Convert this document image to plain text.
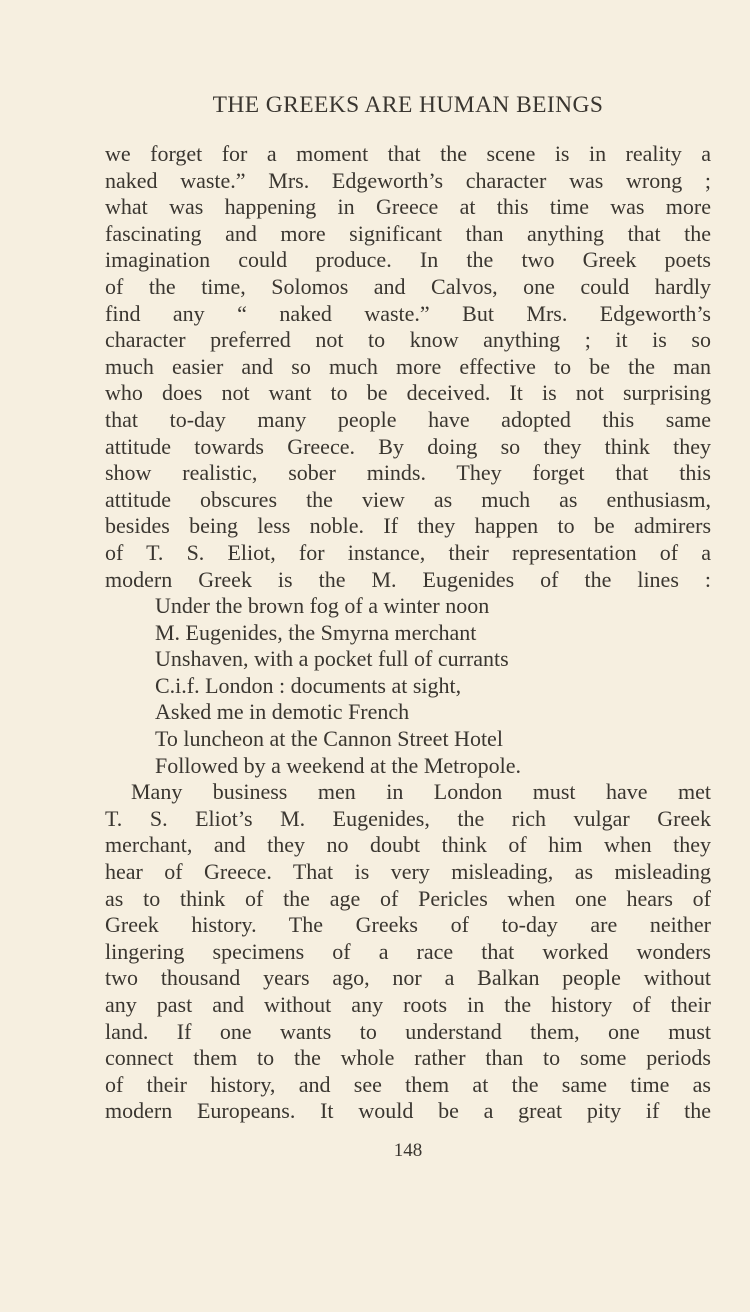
THE GREEKS ARE HUMAN BEINGS
we forget for a moment that the scene is in reality a
naked waste.” Mrs. Edgeworth’s character was wrong ;
what was happening in Greece at this time was more
fascinating and more significant than anything that the
imagination could produce. In the two Greek poets
of the time, Solomos and Calvos, one could hardly
find any “ naked waste.” But Mrs. Edgeworth’s
character preferred not to know anything ; it is so
much easier and so much more effective to be the man
who does not want to be deceived. It is not surprising
that to-day many people have adopted this same
attitude towards Greece. By doing so they think they
show realistic, sober minds. They forget that this
attitude obscures the view as much as enthusiasm,
besides being less noble. If they happen to be admirers
of T. S. Eliot, for instance, their representation of a
modern Greek is the M. Eugenides of the lines :
Under the brown fog of a winter noon
M. Eugenides, the Smyrna merchant
Unshaven, with a pocket full of currants
C.i.f. London : documents at sight,
Asked me in demotic French
To luncheon at the Cannon Street Hotel
Followed by a weekend at the Metropole.
Many business men in London must have met
T. S. Eliot’s M. Eugenides, the rich vulgar Greek
merchant, and they no doubt think of him when they
hear of Greece. That is very misleading, as misleading
as to think of the age of Pericles when one hears of
Greek history. The Greeks of to-day are neither
lingering specimens of a race that worked wonders
two thousand years ago, nor a Balkan people without
any past and without any roots in the history of their
land. If one wants to understand them, one must
connect them to the whole rather than to some periods
of their history, and see them at the same time as
modern Europeans. It would be a great pity if the
148
